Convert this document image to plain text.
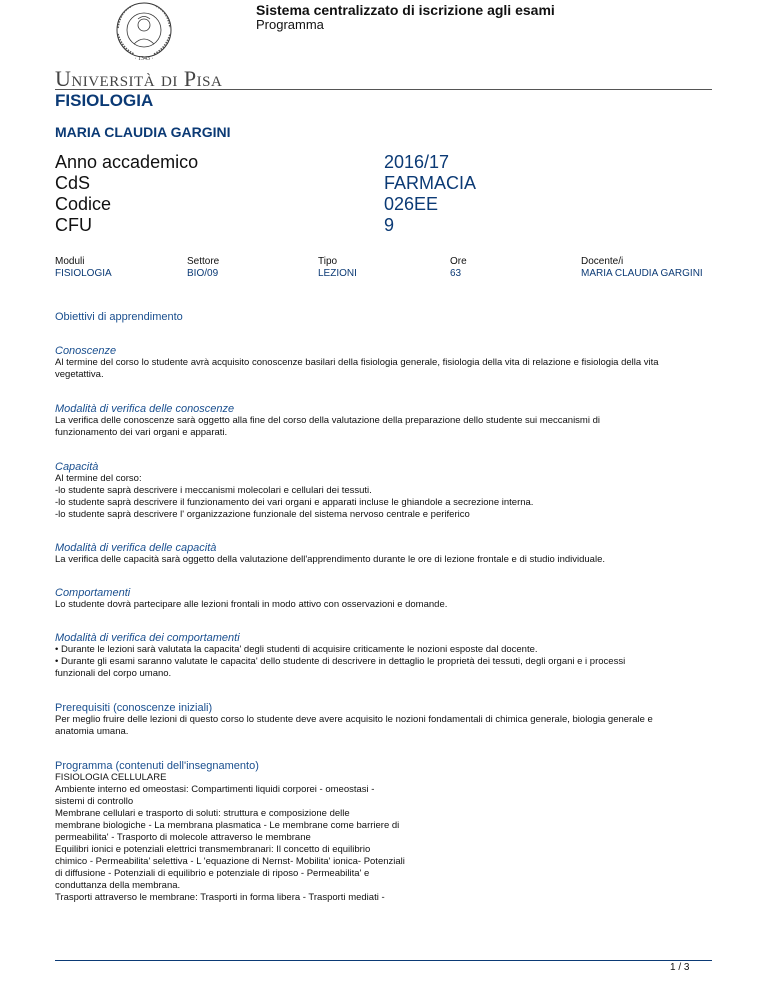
Sistema centralizzato di iscrizione agli esami
Programma
· 1343 ·
Università di Pisa
FISIOLOGIA
MARIA CLAUDIA GARGINI
Anno accademico	2016/17
CdS	FARMACIA
Codice	026EE
CFU	9
Moduli	Settore	Tipo	Ore	Docente/i
FISIOLOGIA	BIO/09	LEZIONI	63	MARIA CLAUDIA GARGINI

Obiettivi di apprendimento

Conoscenze

Al termine del corso lo studente avrà acquisito conoscenze basilari della fisiologia generale, fisiologia della vita di relazione e fisiologia della vita
vegetattiva.

Modalità di verifica delle conoscenze

La verifica delle conoscenze sarà oggetto alla fine del corso della valutazione della preparazione dello studente sui meccanismi di
funzionamento dei vari organi e apparati.

Capacità

Al termine del corso:
-lo studente saprà descrivere i meccanismi molecolari e cellulari dei tessuti.
-lo studente saprà descrivere il funzionamento dei vari organi e apparati incluse le ghiandole a secrezione interna.
-lo studente saprà descrivere l' organizzazione funzionale del sistema nervoso centrale e periferico

Modalità di verifica delle capacità

La verifica delle capacità sarà oggetto della valutazione dell'apprendimento durante le ore di lezione frontale e di studio individuale.

Comportamenti

Lo studente dovrà partecipare alle lezioni frontali in modo attivo con osservazioni e domande.

Modalità di verifica dei comportamenti

• Durante le lezioni sarà valutata la capacita' degli studenti di acquisire criticamente le nozioni esposte dal docente.
• Durante gli esami saranno valutate le capacita' dello studente di descrivere in dettaglio le proprietà dei tessuti, degli organi e i processi
funzionali del corpo umano.

Prerequisiti (conoscenze iniziali)

Per meglio fruire delle lezioni di questo corso lo studente deve avere acquisito le nozioni fondamentali di chimica generale, biologia generale e
anatomia umana.

Programma (contenuti dell'insegnamento)

FISIOLOGIA CELLULARE
Ambiente interno ed omeostasi: Compartimenti liquidi corporei - omeostasi -
sistemi di controllo
Membrane cellulari e trasporto di soluti: struttura e composizione delle
membrane biologiche - La membrana plasmatica - Le membrane come barriere di
permeabilita' - Trasporto di molecole attraverso le membrane
Equilibri ionici e potenziali elettrici transmembranari: Il concetto di equilibrio
chimico - Permeabilita' selettiva - L 'equazione di Nernst- Mobilita' ionica- Potenziali
di diffusione - Potenziali di equilibrio e potenziale di riposo - Permeabilita' e
conduttanza della membrana.
Trasporti attraverso le membrane: Trasporti in forma libera - Trasporti mediati -

1 / 3
